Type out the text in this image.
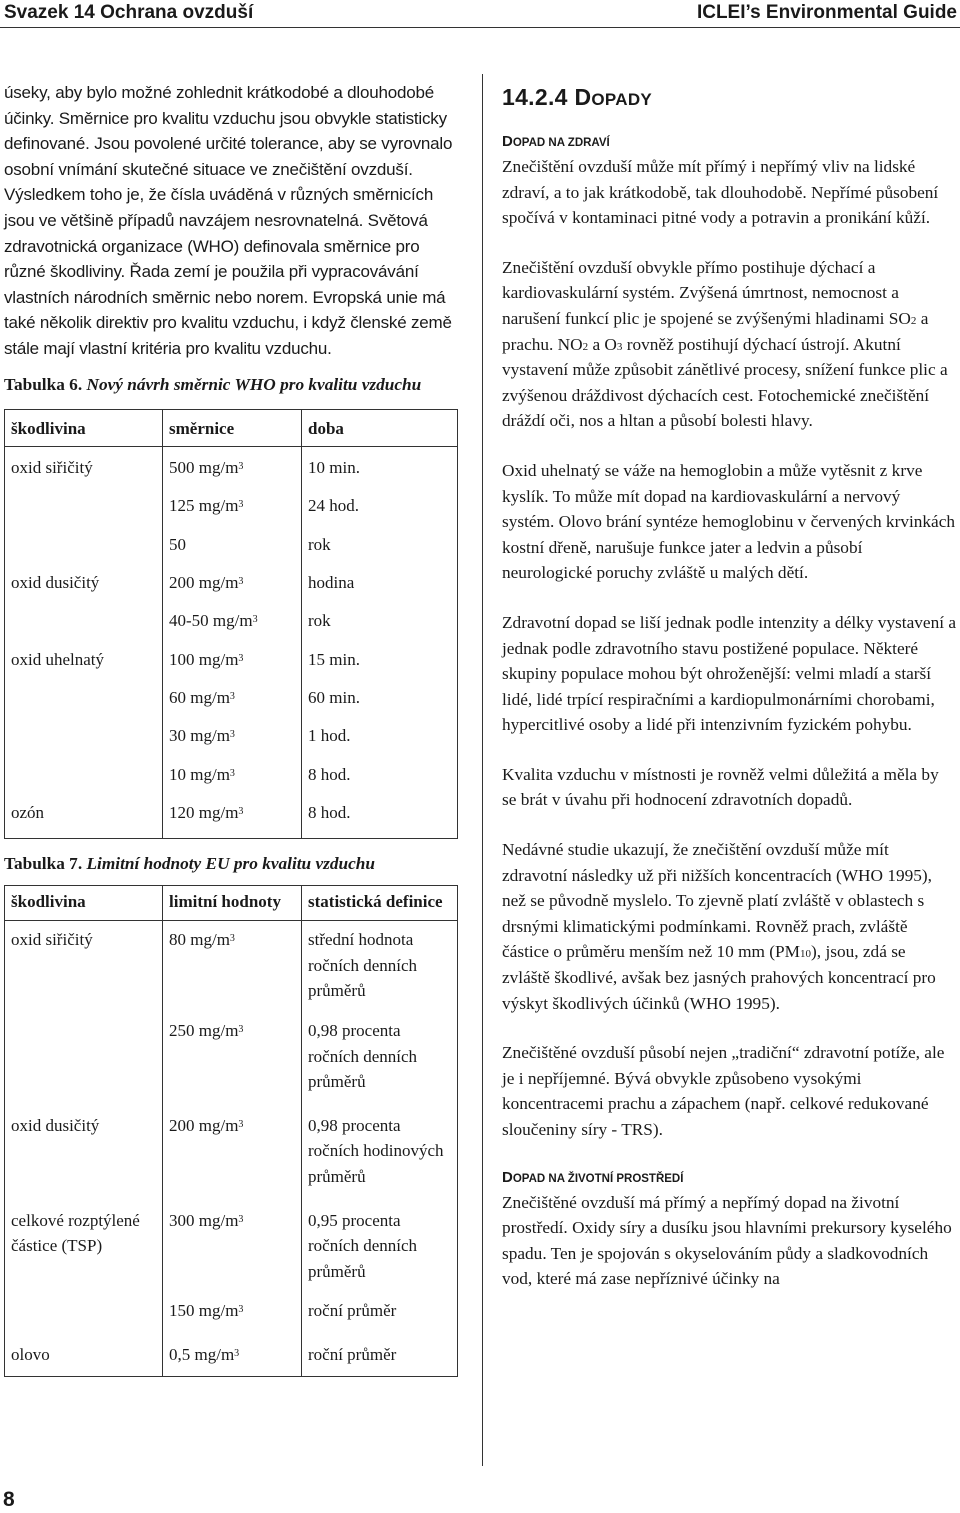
Svazek 14 Ochrana ovzduší	ICLEI’s Environmental Guide

úseky, aby bylo možné zohlednit krátkodobé a dlouhodobé účinky. Směrnice pro kvalitu vzduchu jsou obvykle statisticky definované. Jsou povolené určité tolerance, aby se vyrovnalo osobní vnímání skutečné situace ve znečištění ovzduší. Výsledkem toho je, že čísla uváděná v různých směrnicích jsou ve většině případů navzájem nesrovnatelná. Světová zdravotnická organizace (WHO) definovala směrnice pro různé škodliviny. Řada zemí je použila při vypracovávání vlastních národních směrnic nebo norem. Evropská unie má také několik direktiv pro kvalitu vzduchu, i když členské země stále mají vlastní kritéria pro kvalitu vzduchu.

Tabulka 6. Nový návrh směrnic WHO pro kvalitu vzduchu
škodlivina	směrnice	doba
oxid siřičitý	500 $mg/m^3$	10 min.
	125 $mg/m^3$	24 hod.
	50	rok
oxid dusičitý	200 $mg/m^3$	hodina
	40-50 $mg/m^3$	rok
oxid uhelnatý	100 $mg/m^3$	15 min.
	60 $mg/m^3$	60 min.
	30 $mg/m^3$	1 hod.
	10 $mg/m^3$	8 hod.
ozón	120 $mg/m^3$	8 hod.
Tabulka 7. Limitní hodnoty EU pro kvalitu vzduchu
škodlivina	limitní hodnoty	statistická definice
oxid siřičitý	80 $mg/m^3$	střední hodnota ročních denních průměrů
	250 $mg/m^3$	0,98 procenta ročních denních průměrů
oxid dusičitý	200 $mg/m^3$	0,98 procenta ročních hodinových průměrů
celkové rozptýlené částice (TSP)	300 $mg/m^3$	0,95 procenta ročních denních průměrů
	150 $mg/m^3$	roční průměr
olovo	0,5 $mg/m^3$	roční průměr
14.2.4 DOPADY
DOPAD NA ZDRAVÍ

Znečištění ovzduší může mít přímý i nepřímý vliv na lidské zdraví, a to jak krátkodobě, tak dlouhodobě. Nepřímé působení spočívá v kontaminaci pitné vody a potravin a pronikání kůží.

Znečištění ovzduší obvykle přímo postihuje dýchací a kardiovaskulární systém. Zvýšená úmrtnost, nemocnost a narušení funkcí plic je spojené se zvýšenými hladinami $SO_2$ a prachu. $NO_2$ a $O_3$ rovněž postihují dýchací ústrojí. Akutní vystavení může způsobit zánětlivé procesy, snížení funkce plic a zvýšenou dráždivost dýchacích cest. Fotochemické znečištění dráždí oči, nos a hltan a působí bolesti hlavy.

Oxid uhelnatý se váže na hemoglobin a může vytěsnit z krve kyslík. To může mít dopad na kardiovaskulární a nervový systém. Olovo brání syntéze hemoglobinu v červených krvinkách kostní dřeně, narušuje funkce jater a ledvin a působí neurologické poruchy zvláště u malých dětí.

Zdravotní dopad se liší jednak podle intenzity a délky vystavení a jednak podle zdravotního stavu postižené populace. Některé skupiny populace mohou být ohroženější: velmi mladí a starší lidé, lidé trpící respiračními a kardiopulmonárními chorobami, hypercitlivé osoby a lidé při intenzivním fyzickém pohybu.

Kvalita vzduchu v místnosti je rovněž velmi důležitá a měla by se brát v úvahu při hodnocení zdravotních dopadů.

Nedávné studie ukazují, že znečištění ovzduší může mít zdravotní následky už při nižších koncentracích (WHO 1995), než se původně myslelo. To zjevně platí zvláště v oblastech s drsnými klimatickými podmínkami. Rovněž prach, zvláště částice o průměru menším než 10 mm $(PM_{10})$, jsou, zdá se zvláště škodlivé, avšak bez jasných prahových koncentrací pro výskyt škodlivých účinků (WHO 1995).

Znečištěné ovzduší působí nejen „tradiční“ zdravotní potíže, ale je i nepříjemné. Bývá obvykle způsobeno vysokými koncentracemi prachu a zápachem (např. celkové redukované sloučeniny síry - TRS).

DOPAD NA ŽIVOTNÍ PROSTŘEDÍ

Znečištěné ovzduší má přímý a nepřímý dopad na životní prostředí. Oxidy síry a dusíku jsou hlavními prekursory kyselého spadu. Ten je spojován s okyselováním půdy a sladkovodních vod, které má zase nepříznivé účinky na

8
